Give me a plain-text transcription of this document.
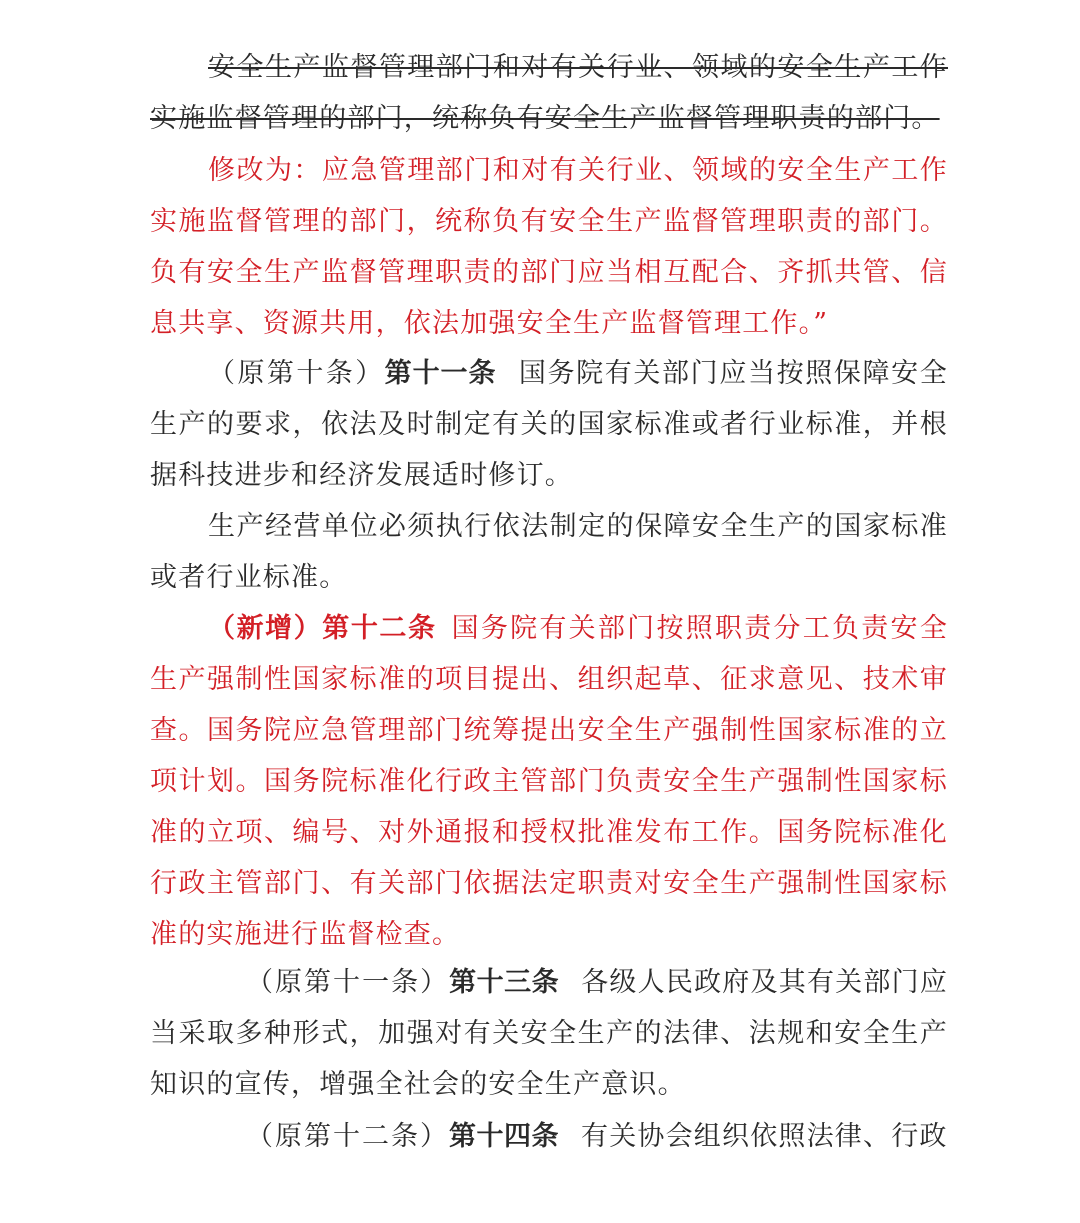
安全生产监督管理部门和对有关行业、领域的安全生产工作实施监督管理的部门，统称负有安全生产监督管理职责的部门。

修改为：应急管理部门和对有关行业、领域的安全生产工作实施监督管理的部门，统称负有安全生产监督管理职责的部门。负有安全生产监督管理职责的部门应当相互配合、齐抓共管、信息共享、资源共用，依法加强安全生产监督管理工作。”

（原第十条）第十一条 国务院有关部门应当按照保障安全生产的要求，依法及时制定有关的国家标准或者行业标准，并根据科技进步和经济发展适时修订。

生产经营单位必须执行依法制定的保障安全生产的国家标准或者行业标准。

（新增）第十二条 国务院有关部门按照职责分工负责安全生产强制性国家标准的项目提出、组织起草、征求意见、技术审查。国务院应急管理部门统筹提出安全生产强制性国家标准的立项计划。国务院标准化行政主管部门负责安全生产强制性国家标准的立项、编号、对外通报和授权批准发布工作。国务院标准化行政主管部门、有关部门依据法定职责对安全生产强制性国家标准的实施进行监督检查。

（原第十一条）第十三条 各级人民政府及其有关部门应当采取多种形式，加强对有关安全生产的法律、法规和安全生产知识的宣传，增强全社会的安全生产意识。

（原第十二条）第十四条 有关协会组织依照法律、行政
